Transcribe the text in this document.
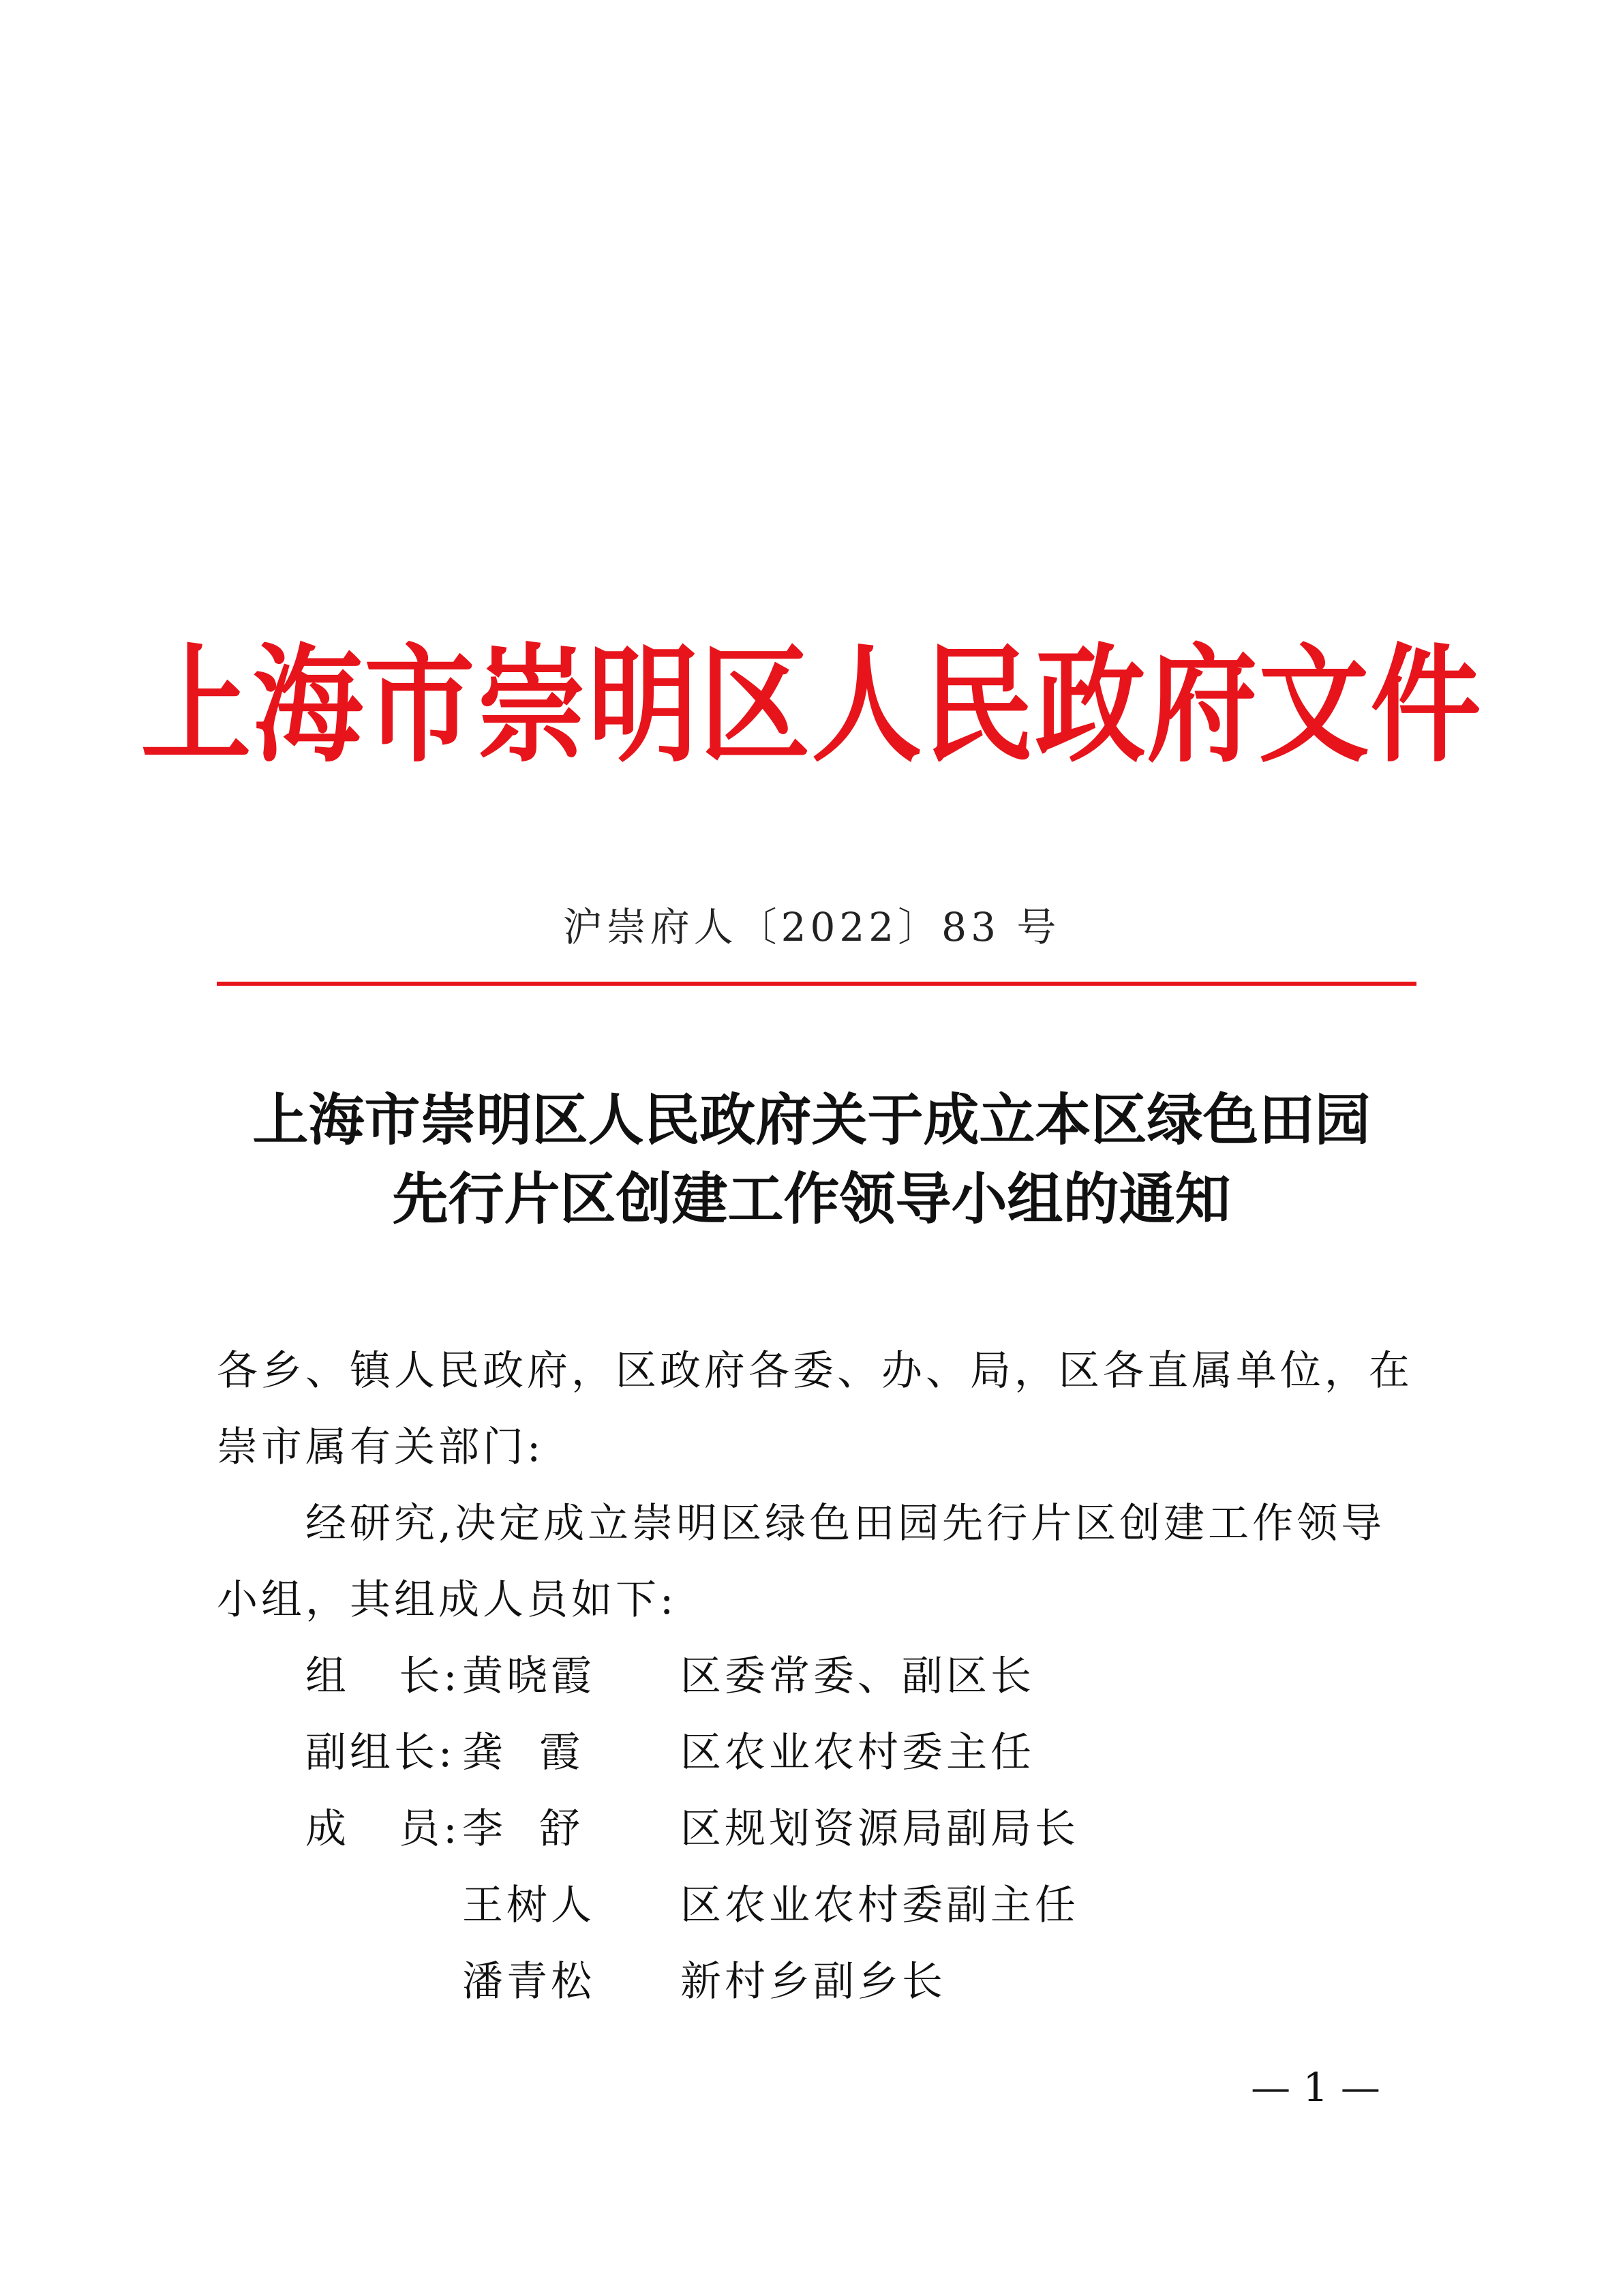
上海市崇明区人民政府文件
沪崇府人〔2022〕83 号
上海市崇明区人民政府关于成立本区绿色田园
先行片区创建工作领导小组的通知

各乡、镇人民政府，区政府各委、办、局，区各直属单位，在崇市属有关部门:

经研究,决定成立崇明区绿色田园先行片区创建工作领导小组，其组成人员如下:

组   长: 黄晓霞	区委常委、副区长
副组长: 龚  霞	区农业农村委主任
成   员: 李  舒	区规划资源局副局长
王树人	区农业农村委副主任
潘青松	新村乡副乡长
— 1 —
